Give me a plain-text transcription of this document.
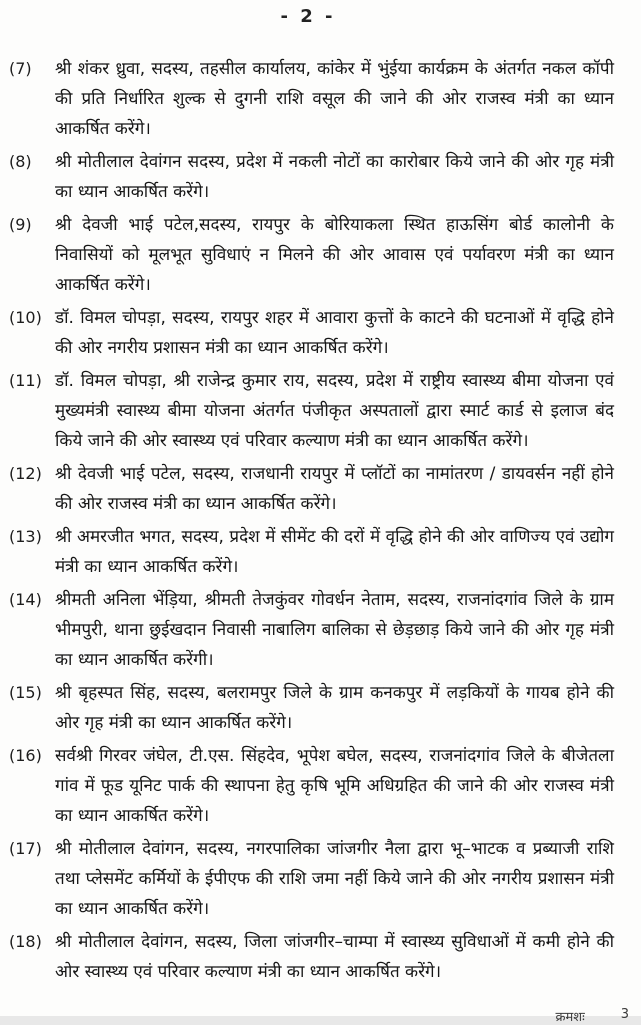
- 2 -
(7)	श्री शंकर ध्रुवा, सदस्य, तहसील कार्यालय, कांकेर में भुंईया कार्यक्रम के अंतर्गत नकल कॉपी की प्रति निर्धारित शुल्क से दुगनी राशि वसूल की जाने की ओर राजस्व मंत्री का ध्यान आकर्षित करेंगे।
(8)	श्री मोतीलाल देवांगन सदस्य, प्रदेश में नकली नोटों का कारोबार किये जाने की ओर गृह मंत्री का ध्यान आकर्षित करेंगे।
(9)	श्री देवजी भाई पटेल,सदस्य, रायपुर के बोरियाकला स्थित हाऊसिंग बोर्ड कालोनी के निवासियों को मूलभूत सुविधाएं न मिलने की ओर आवास एवं पर्यावरण मंत्री का ध्यान आकर्षित करेंगे।
(10) डॉ. विमल चोपड़ा, सदस्य, रायपुर शहर में आवारा कुत्तों के काटने की घटनाओं में वृद्धि होने की ओर नगरीय प्रशासन मंत्री का ध्यान आकर्षित करेंगे।
(11) डॉ. विमल चोपड़ा, श्री राजेन्द्र कुमार राय, सदस्य, प्रदेश में राष्ट्रीय स्वास्थ्य बीमा योजना एवं मुख्यमंत्री स्वास्थ्य बीमा योजना अंतर्गत पंजीकृत अस्पतालों द्वारा स्मार्ट कार्ड से इलाज बंद किये जाने की ओर स्वास्थ्य एवं परिवार कल्याण मंत्री का ध्यान आकर्षित करेंगे।
(12) श्री देवजी भाई पटेल, सदस्य, राजधानी रायपुर में प्लॉटों का नामांतरण / डायवर्सन नहीं होने की ओर राजस्व मंत्री का ध्यान आकर्षित करेंगे।
(13) श्री अमरजीत भगत, सदस्य, प्रदेश में सीमेंट की दरों में वृद्धि होने की ओर वाणिज्य एवं उद्योग मंत्री का ध्यान आकर्षित करेंगे।
(14) श्रीमती अनिला भेंड़िया, श्रीमती तेजकुंवर गोवर्धन नेताम, सदस्य, राजनांदगांव जिले के ग्राम भीमपुरी, थाना छुईखदान निवासी नाबालिग बालिका से छेड़छाड़ किये जाने की ओर गृह मंत्री का ध्यान आकर्षित करेंगी।
(15) श्री बृहस्पत सिंह, सदस्य, बलरामपुर जिले के ग्राम कनकपुर में लड़कियों के गायब होने की ओर गृह मंत्री का ध्यान आकर्षित करेंगे।
(16) सर्वश्री गिरवर जंघेल, टी.एस. सिंहदेव, भूपेश बघेल, सदस्य, राजनांदगांव जिले के बीजेतला गांव में फूड यूनिट पार्क की स्थापना हेतु कृषि भूमि अधिग्रहित की जाने की ओर राजस्व मंत्री का ध्यान आकर्षित करेंगे।
(17) श्री मोतीलाल देवांगन, सदस्य, नगरपालिका जांजगीर नैला द्वारा भू–भाटक व प्रब्याजी राशि तथा प्लेसमेंट कर्मियों के ईपीएफ की राशि जमा नहीं किये जाने की ओर नगरीय प्रशासन मंत्री का ध्यान आकर्षित करेंगे।
(18) श्री मोतीलाल देवांगन, सदस्य, जिला जांजगीर–चाम्पा में स्वास्थ्य सुविधाओं में कमी होने की ओर स्वास्थ्य एवं परिवार कल्याण मंत्री का ध्यान आकर्षित करेंगे।
क्रमशः	3
